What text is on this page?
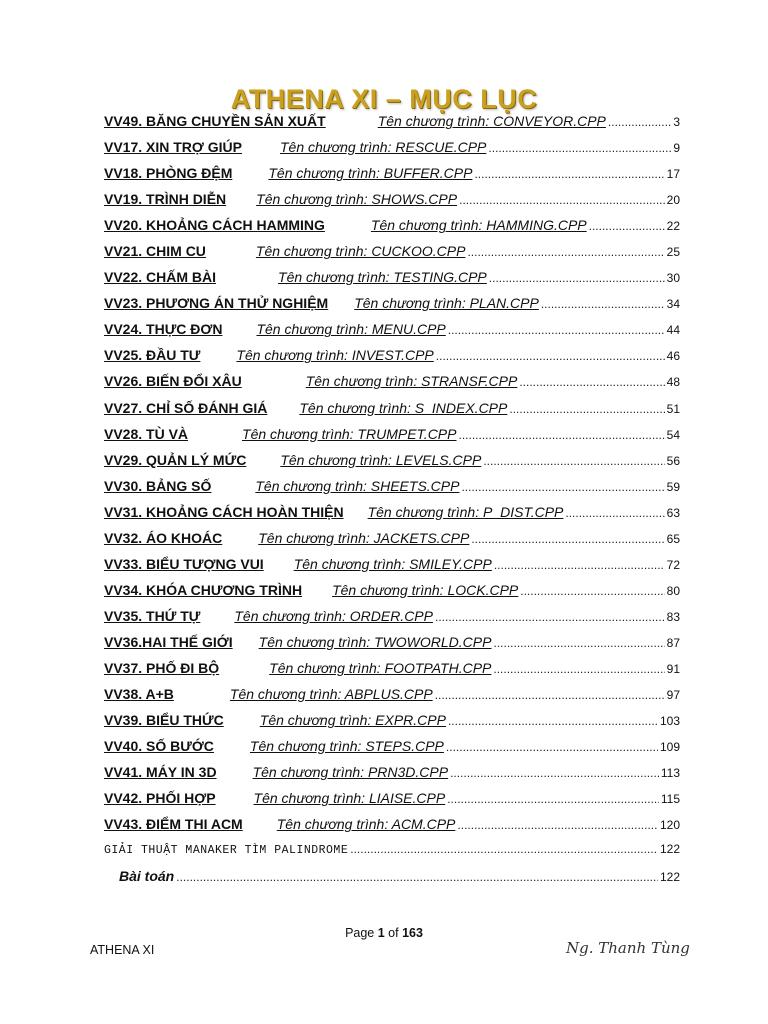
ATHENA XI – MỤC LỤC
VV49. BĂNG CHUYỀN SẢN XUẤT	Tên chương trình: CONVEYOR.CPP .....	3
VV17. XIN TRỢ GIÚP	Tên chương trình: RESCUE.CPP .....	9
VV18. PHÒNG ĐỆM	Tên chương trình: BUFFER.CPP .....	17
VV19. TRÌNH DIỄN Tên chương trình: SHOWS.CPP .....	20
VV20. KHOẢNG CÁCH HAMMING	Tên chương trình: HAMMING.CPP .....	22
VV21. CHIM CU	Tên chương trình: CUCKOO.CPP .....	25
VV22. CHẤM BÀI	Tên chương trình: TESTING.CPP .....	30
VV23. PHƯƠNG ÁN THỬ NGHIỆM Tên chương trình: PLAN.CPP .....	34
VV24. THỰC ĐƠN Tên chương trình: MENU.CPP .....	44
VV25. ĐẦU TƯ	Tên chương trình: INVEST.CPP .....	46
VV26. BIẾN ĐỔI XÂU	Tên chương trình: STRANSF.CPP .....	48
VV27. CHỈ SỐ ĐÁNH GIÁ Tên chương trình: S_INDEX.CPP .....	51
VV28. TÙ VÀ	Tên chương trình: TRUMPET.CPP .....	54
VV29. QUẢN LÝ MỨC Tên chương trình: LEVELS.CPP .....	56
VV30. BẢNG SỐ	Tên chương trình: SHEETS.CPP .....	59
VV31. KHOẢNG CÁCH HOÀN THIỆN Tên chương trình: P_DIST.CPP .....	63
VV32. ÁO KHOÁC	Tên chương trình: JACKETS.CPP .....	65
VV33. BIỂU TƯỢNG VUI Tên chương trình: SMILEY.CPP .....	72
VV34. KHÓA CHƯƠNG TRÌNH Tên chương trình: LOCK.CPP .....	80
VV35. THỨ TỰ Tên chương trình: ORDER.CPP .....	83
VV36.HAI THẾ GIỚI Tên chương trình: TWOWORLD.CPP .....	87
VV37. PHỐ ĐI BỘ	Tên chương trình: FOOTPATH.CPP .....	91
VV38. A+B	Tên chương trình: ABPLUS.CPP .....	97
VV39. BIỂU THỨC	Tên chương trình: EXPR.CPP .....	103
VV40. SỐ BƯỚC	Tên chương trình: STEPS.CPP .....	109
VV41. MÁY IN 3D	Tên chương trình: PRN3D.CPP .....	113
VV42. PHỐI HỢP	Tên chương trình: LIAISE.CPP .....	115
VV43. ĐIỂM THI ACM Tên chương trình: ACM.CPP .....	120
GIẢI THUẬT MANAKER TÌM PALINDROME .....	122
Bài toán .....	122
Page 1 of 163
ATHENA XI	Ng. Thanh Tùng
